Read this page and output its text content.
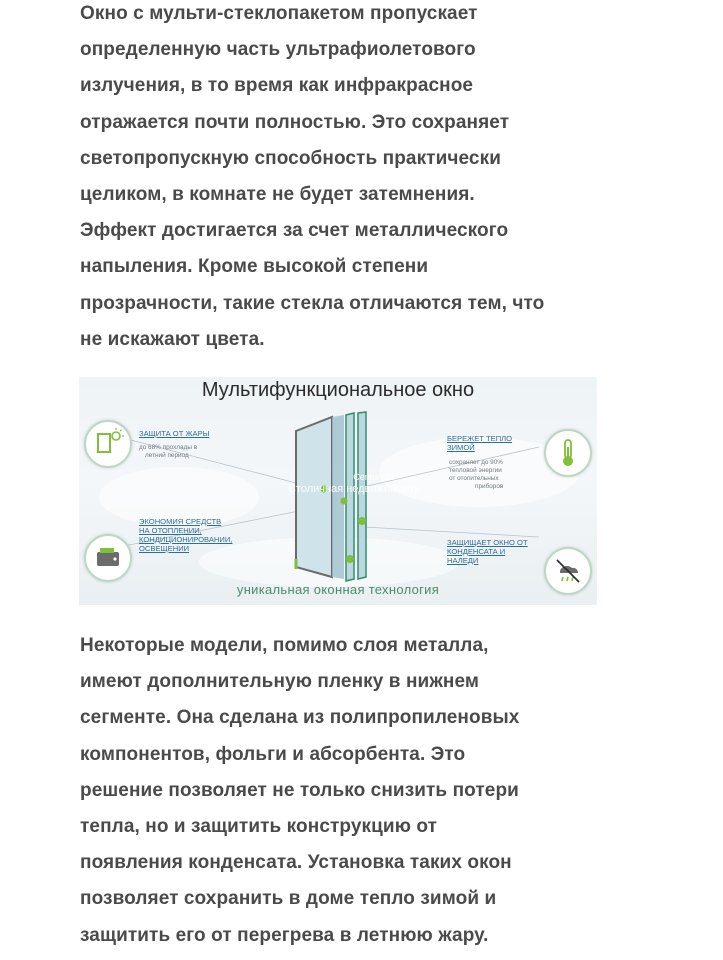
Окно с мульти-стеклопакетом пропускает
определенную часть ультрафиолетового
излучения, в то время как инфракрасное
отражается почти полностью. Это сохраняет
светопропускную способность практически
целиком, в комнате не будет затемнения.
Эффект достигается за счет металлического
напыления. Кроме высокой степени
прозрачности, такие стекла отличаются тем, что
не искажают цвета.
Мультифункциональное окно
Century21
Столичная недвижимость
ЗАЩИТА ОТ ЖАРЫ
до 68% прохлады в
летний период
ЭКОНОМИЯ СРЕДСТВ
НА ОТОПЛЕНИИ,
КОНДИЦИОНИРОВАНИИ,
ОСВЕЩЕНИИ
БЕРЕЖЕТ ТЕПЛО
ЗИМОЙ
сохраняет до 90%
тепловой энергии
от отопительных
приборов
ЗАЩИЩАЕТ ОКНО ОТ
КОНДЕНСАТА И
НАЛЕДИ
уникальная оконная технология
Некоторые модели, помимо слоя металла,
имеют дополнительную пленку в нижнем
сегменте. Она сделана из полипропиленовых
компонентов, фольги и абсорбента. Это
решение позволяет не только снизить потери
тепла, но и защитить конструкцию от
появления конденсата. Установка таких окон
позволяет сохранить в доме тепло зимой и
защитить его от перегрева в летнюю жару.
